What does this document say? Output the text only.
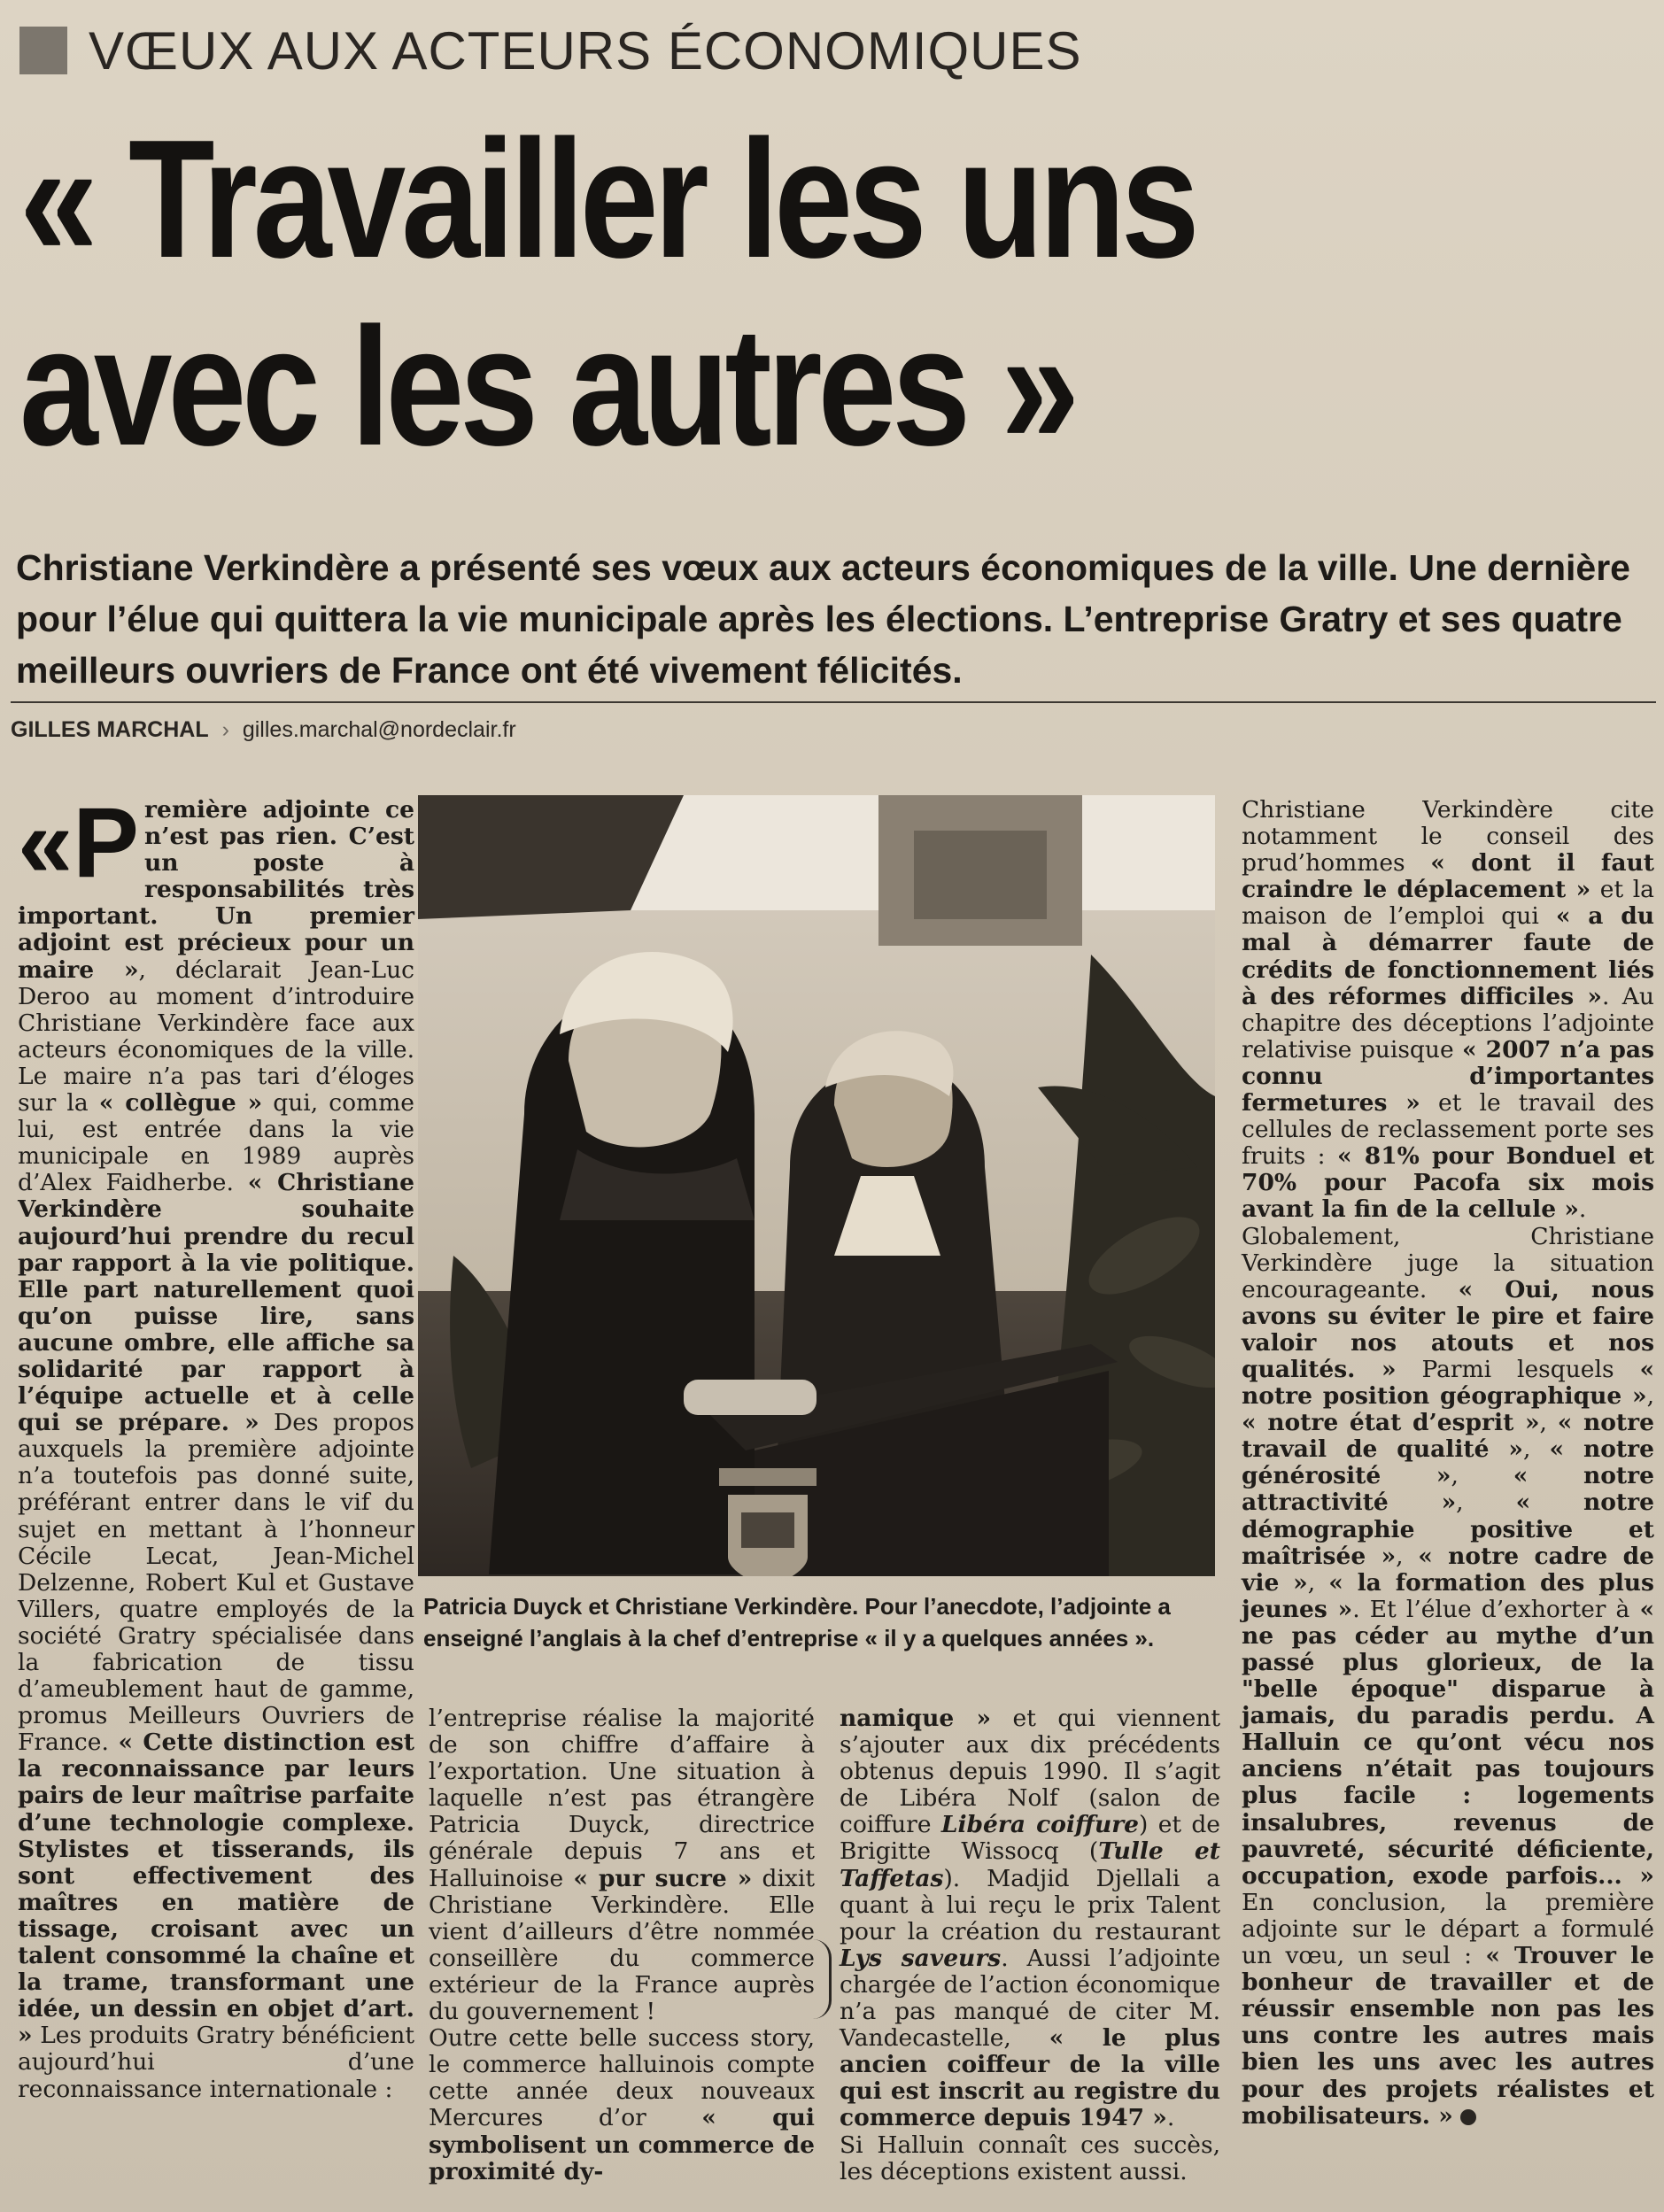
VŒUX AUX ACTEURS ÉCONOMIQUES
« Travailler les uns
avec les autres »
Christiane Verkindère a présenté ses vœux aux acteurs économiques de la ville. Une dernière pour l’élue qui quittera la vie municipale après les élections. L’entreprise Gratry et ses quatre meilleurs ouvriers de France ont été vivement félicités.
GILLES MARCHAL › gilles.marchal@nordeclair.fr

«P remière adjointe ce n’est pas rien. C’est un poste à responsabilités très important. Un premier adjoint est précieux pour un maire », déclarait Jean-Luc Deroo au moment d’introduire Christiane Verkindère face aux acteurs économiques de la ville. Le maire n’a pas tari d’éloges sur la « collègue » qui, comme lui, est entrée dans la vie municipale en 1989 auprès d’Alex Faidherbe. « Christiane Verkindère souhaite aujourd’hui prendre du recul par rapport à la vie politique. Elle part naturellement quoi qu’on puisse lire, sans aucune ombre, elle affiche sa solidarité par rapport à l’équipe actuelle et à celle qui se prépare. » Des propos auxquels la première adjointe n’a toutefois pas donné suite, préférant entrer dans le vif du sujet en mettant à l’honneur Cécile Lecat, Jean-Michel Delzenne, Robert Kul et Gustave Villers, quatre employés de la société Gratry spécialisée dans la fabrication de tissu d’ameublement haut de gamme, promus Meilleurs Ouvriers de France. « Cette distinction est la reconnaissance par leurs pairs de leur maîtrise parfaite d’une technologie complexe. Stylistes et tisserands, ils sont effectivement des maîtres en matière de tissage, croisant avec un talent consommé la chaîne et la trame, transformant une idée, un dessin en objet d’art. » Les produits Gratry bénéficient aujourd’hui d’une reconnaissance internationale :

Patricia Duyck et Christiane Verkindère. Pour l’anecdote, l’adjointe a enseigné l’anglais à la chef d’entreprise « il y a quelques années ».

l’entreprise réalise la majorité de son chiffre d’affaire à l’exportation. Une situation à laquelle n’est pas étrangère Patricia Duyck, directrice générale depuis 7 ans et Halluinoise « pur sucre » dixit Christiane Verkindère. Elle vient d’ailleurs d’être nommée conseillère du commerce extérieur de la France auprès du gouvernement !

Outre cette belle success story, le commerce halluinois compte cette année deux nouveaux Mercures d’or « qui symbolisent un commerce de proximité dy-

namique » et qui viennent s’ajouter aux dix précédents obtenus depuis 1990. Il s’agit de Libéra Nolf (salon de coiffure Libéra coiffure) et de Brigitte Wissocq (Tulle et Taffetas). Madjid Djellali a quant à lui reçu le prix Talent pour la création du restaurant Lys saveurs. Aussi l’adjointe chargée de l’action économique n’a pas manqué de citer M. Vandecastelle, « le plus ancien coiffeur de la ville qui est inscrit au registre du commerce depuis 1947 ».

Si Halluin connaît ces succès, les déceptions existent aussi.

Christiane Verkindère cite notamment le conseil des prud’hommes « dont il faut craindre le déplacement » et la maison de l’emploi qui « a du mal à démarrer faute de crédits de fonctionnement liés à des réformes difficiles ». Au chapitre des déceptions l’adjointe relativise puisque « 2007 n’a pas connu d’importantes fermetures » et le travail des cellules de reclassement porte ses fruits : « 81% pour Bonduel et 70% pour Pacofa six mois avant la fin de la cellule ».

Globalement, Christiane Verkindère juge la situation encourageante. « Oui, nous avons su éviter le pire et faire valoir nos atouts et nos qualités. » Parmi lesquels « notre position géographique », « notre état d’esprit », « notre travail de qualité », « notre générosité », « notre attractivité », « notre démographie positive et maîtrisée », « notre cadre de vie », « la formation des plus jeunes ». Et l’élue d’exhorter à « ne pas céder au mythe d’un passé plus glorieux, de la "belle époque" disparue à jamais, du paradis perdu. A Halluin ce qu’ont vécu nos anciens n’était pas toujours plus facile : logements insalubres, revenus de pauvreté, sécurité déficiente, occupation, exode parfois... » En conclusion, la première adjointe sur le départ a formulé un vœu, un seul : « Trouver le bonheur de travailler et de réussir ensemble non pas les uns contre les autres mais bien les uns avec les autres pour des projets réalistes et mobilisateurs. »
